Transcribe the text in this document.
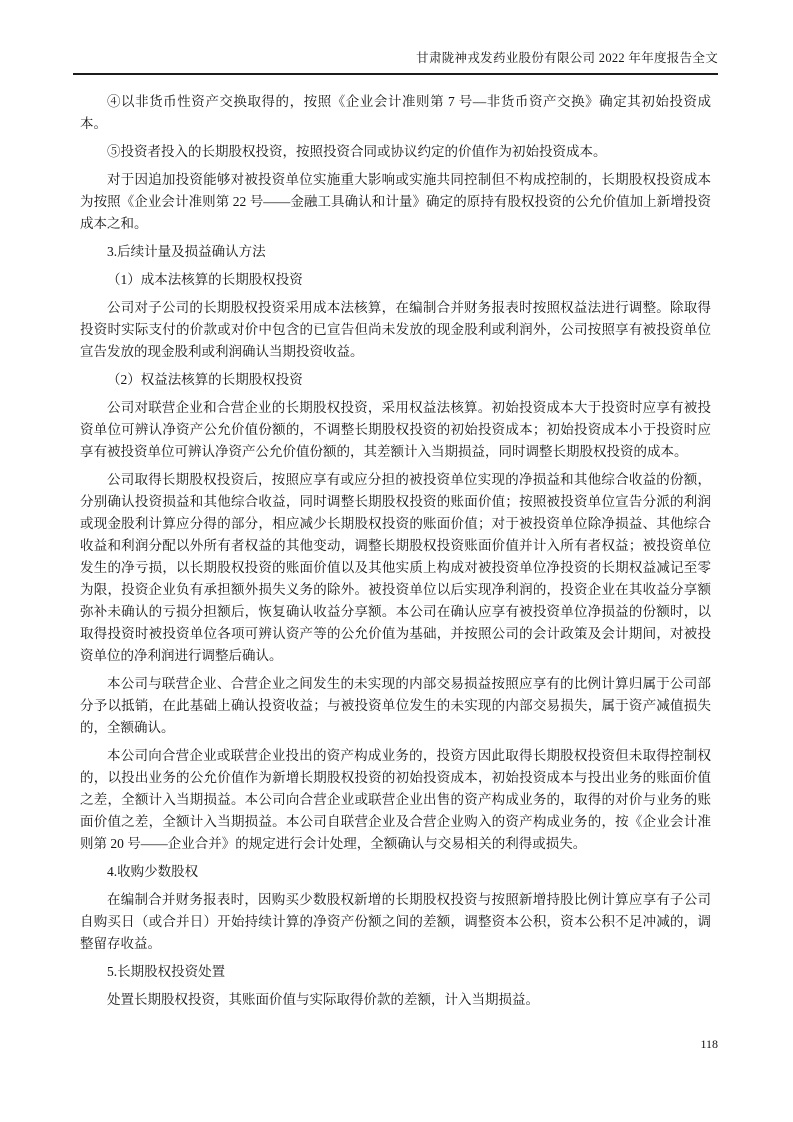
甘肃陇神戎发药业股份有限公司 2022 年年度报告全文

④以非货币性资产交换取得的，按照《企业会计准则第 7 号—非货币资产交换》确定其初始投资成本。

⑤投资者投入的长期股权投资，按照投资合同或协议约定的价值作为初始投资成本。

对于因追加投资能够对被投资单位实施重大影响或实施共同控制但不构成控制的，长期股权投资成本为按照《企业会计准则第 22 号——金融工具确认和计量》确定的原持有股权投资的公允价值加上新增投资成本之和。

3.后续计量及损益确认方法

（1）成本法核算的长期股权投资

公司对子公司的长期股权投资采用成本法核算，在编制合并财务报表时按照权益法进行调整。除取得投资时实际支付的价款或对价中包含的已宣告但尚未发放的现金股利或利润外，公司按照享有被投资单位宣告发放的现金股利或利润确认当期投资收益。

（2）权益法核算的长期股权投资

公司对联营企业和合营企业的长期股权投资，采用权益法核算。初始投资成本大于投资时应享有被投资单位可辨认净资产公允价值份额的，不调整长期股权投资的初始投资成本；初始投资成本小于投资时应享有被投资单位可辨认净资产公允价值份额的，其差额计入当期损益，同时调整长期股权投资的成本。

公司取得长期股权投资后，按照应享有或应分担的被投资单位实现的净损益和其他综合收益的份额，分别确认投资损益和其他综合收益，同时调整长期股权投资的账面价值；按照被投资单位宣告分派的利润或现金股利计算应分得的部分，相应减少长期股权投资的账面价值；对于被投资单位除净损益、其他综合收益和利润分配以外所有者权益的其他变动，调整长期股权投资账面价值并计入所有者权益；被投资单位发生的净亏损，以长期股权投资的账面价值以及其他实质上构成对被投资单位净投资的长期权益减记至零为限，投资企业负有承担额外损失义务的除外。被投资单位以后实现净利润的，投资企业在其收益分享额弥补未确认的亏损分担额后，恢复确认收益分享额。本公司在确认应享有被投资单位净损益的份额时，以取得投资时被投资单位各项可辨认资产等的公允价值为基础，并按照公司的会计政策及会计期间，对被投资单位的净利润进行调整后确认。

本公司与联营企业、合营企业之间发生的未实现的内部交易损益按照应享有的比例计算归属于公司部分予以抵销，在此基础上确认投资收益；与被投资单位发生的未实现的内部交易损失，属于资产减值损失的，全额确认。

本公司向合营企业或联营企业投出的资产构成业务的，投资方因此取得长期股权投资但未取得控制权的，以投出业务的公允价值作为新增长期股权投资的初始投资成本，初始投资成本与投出业务的账面价值之差，全额计入当期损益。本公司向合营企业或联营企业出售的资产构成业务的，取得的对价与业务的账面价值之差，全额计入当期损益。本公司自联营企业及合营企业购入的资产构成业务的，按《企业会计准则第 20 号——企业合并》的规定进行会计处理，全额确认与交易相关的利得或损失。

4.收购少数股权

在编制合并财务报表时，因购买少数股权新增的长期股权投资与按照新增持股比例计算应享有子公司自购买日（或合并日）开始持续计算的净资产份额之间的差额，调整资本公积，资本公积不足冲减的，调整留存收益。

5.长期股权投资处置

处置长期股权投资，其账面价值与实际取得价款的差额，计入当期损益。

118
